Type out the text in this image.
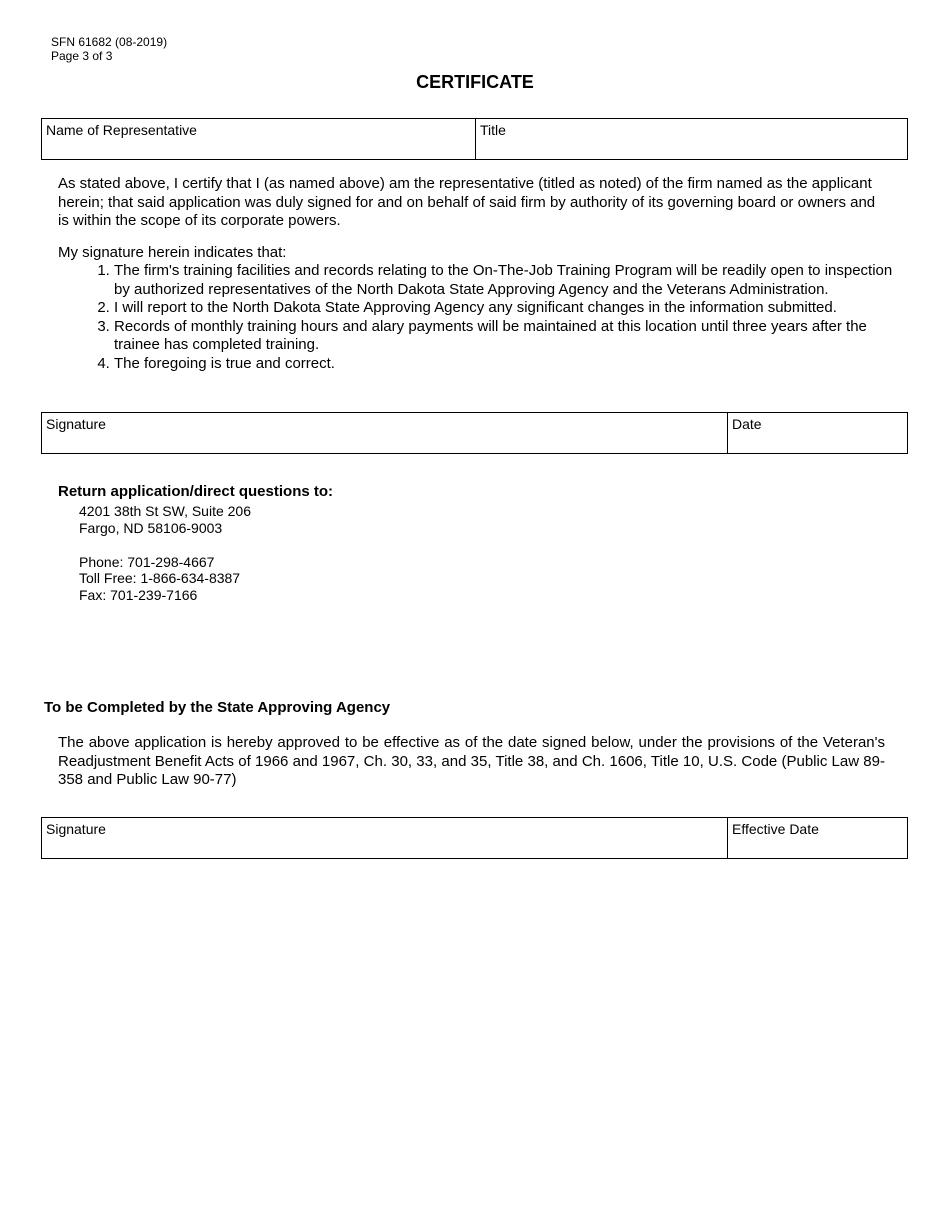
SFN 61682 (08-2019)
Page 3 of 3
CERTIFICATE
Name of Representative	Title
As stated above, I certify that I (as named above) am the representative (titled as noted) of the firm named as the applicant herein; that said application was duly signed for and on behalf of said firm by authority of its governing board or owners and is within the scope of its corporate powers.
My signature herein indicates that:
1. The firm's training facilities and records relating to the On-The-Job Training Program will be readily open to inspection by authorized representatives of the North Dakota State Approving Agency and the Veterans Administration.
2. I will report to the North Dakota State Approving Agency any significant changes in the information submitted.
3. Records of monthly training hours and alary payments will be maintained at this location until three years after the trainee has completed training.
4. The foregoing is true and correct.
Signature	Date
Return application/direct questions to:
4201 38th St SW, Suite 206
Fargo, ND 58106-9003
Phone: 701-298-4667
Toll Free: 1-866-634-8387
Fax: 701-239-7166
To be Completed by the State Approving Agency
The above application is hereby approved to be effective as of the date signed below, under the provisions of the Veteran's Readjustment Benefit Acts of 1966 and 1967, Ch. 30, 33, and 35, Title 38, and Ch. 1606, Title 10, U.S. Code (Public Law 89-358 and Public Law 90-77)
Signature	Effective Date
